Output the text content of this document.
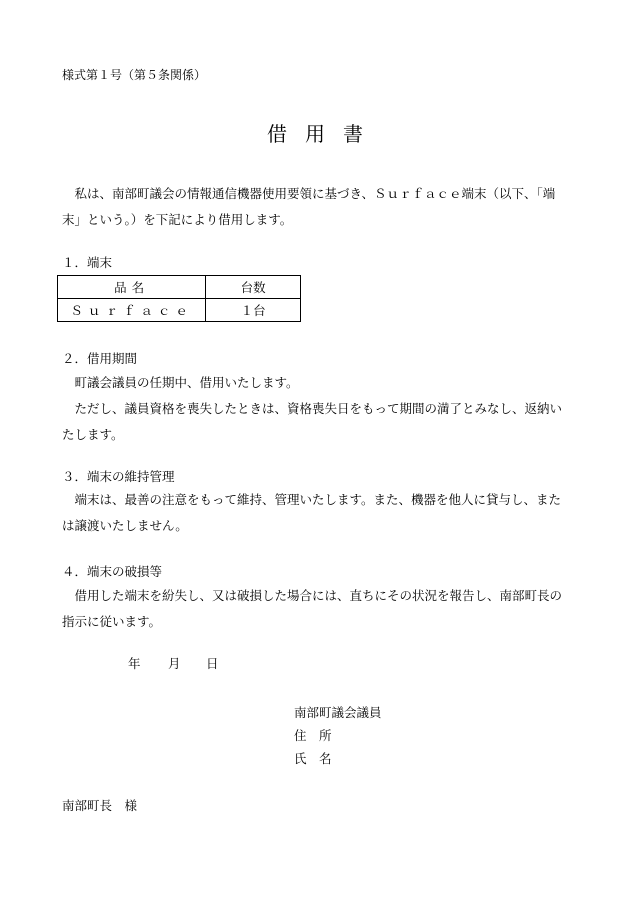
様式第１号（第５条関係）
借用書
私は、南部町議会の情報通信機器使用要領に基づき、Ｓｕｒｆａｃｅ端末（以下、「端末」という。）を下記により借用します。
１．端末
品名	台数
Ｓｕｒｆａｃｅ	１台
２．借用期間
町議会議員の任期中、借用いたします。
ただし、議員資格を喪失したときは、資格喪失日をもって期間の満了とみなし、返納いたします。
３．端末の維持管理
端末は、最善の注意をもって維持、管理いたします。また、機器を他人に貸与し、または譲渡いたしません。
４．端末の破損等
借用した端末を紛失し、又は破損した場合には、直ちにその状況を報告し、南部町長の指示に従います。
年 月 日
南部町議会議員
住　所
氏　名
南部町長　様
